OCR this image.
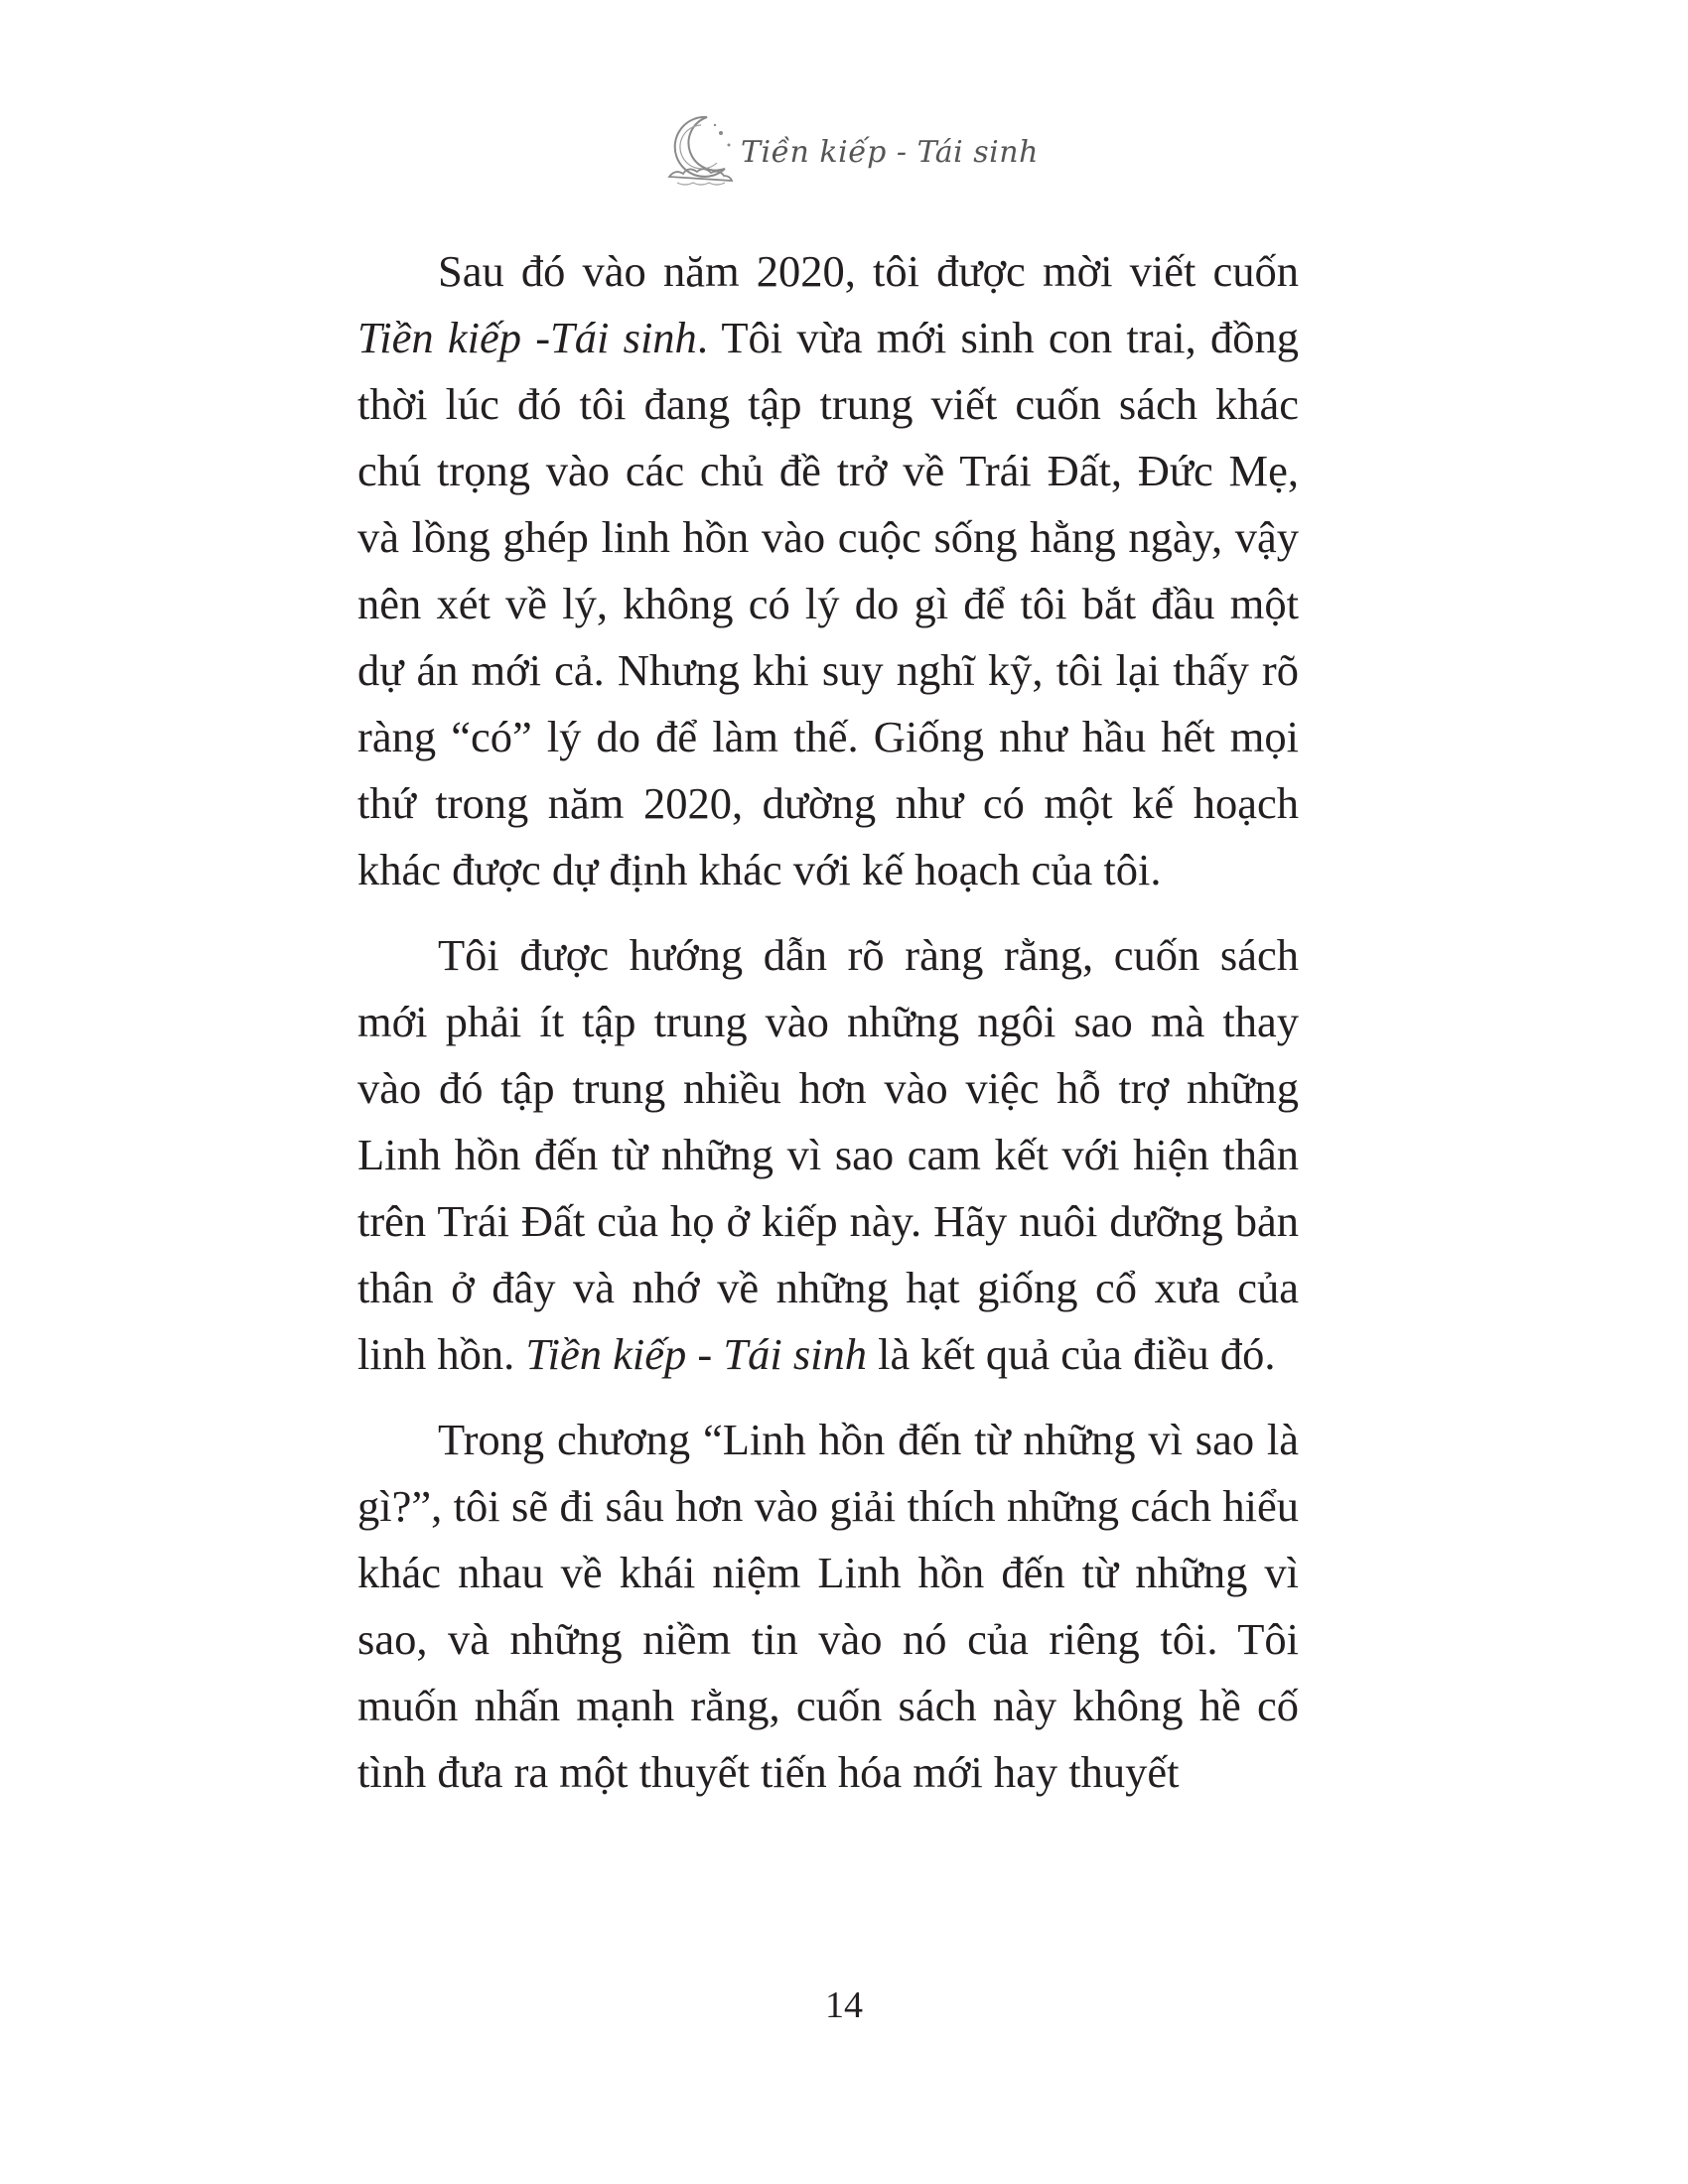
Tiền kiếp - Tái sinh

Sau đó vào năm 2020, tôi được mời viết cuốn Tiền kiếp -Tái sinh. Tôi vừa mới sinh con trai, đồng thời lúc đó tôi đang tập trung viết cuốn sách khác chú trọng vào các chủ đề trở về Trái Đất, Đức Mẹ, và lồng ghép linh hồn vào cuộc sống hằng ngày, vậy nên xét về lý, không có lý do gì để tôi bắt đầu một dự án mới cả. Nhưng khi suy nghĩ kỹ, tôi lại thấy rõ ràng “có” lý do để làm thế. Giống như hầu hết mọi thứ trong năm 2020, dường như có một kế hoạch khác được dự định khác với kế hoạch của tôi.

Tôi được hướng dẫn rõ ràng rằng, cuốn sách mới phải ít tập trung vào những ngôi sao mà thay vào đó tập trung nhiều hơn vào việc hỗ trợ những Linh hồn đến từ những vì sao cam kết với hiện thân trên Trái Đất của họ ở kiếp này. Hãy nuôi dưỡng bản thân ở đây và nhớ về những hạt giống cổ xưa của linh hồn. Tiền kiếp - Tái sinh là kết quả của điều đó.

Trong chương “Linh hồn đến từ những vì sao là gì?”, tôi sẽ đi sâu hơn vào giải thích những cách hiểu khác nhau về khái niệm Linh hồn đến từ những vì sao, và những niềm tin vào nó của riêng tôi. Tôi muốn nhấn mạnh rằng, cuốn sách này không hề cố tình đưa ra một thuyết tiến hóa mới hay thuyết

14
